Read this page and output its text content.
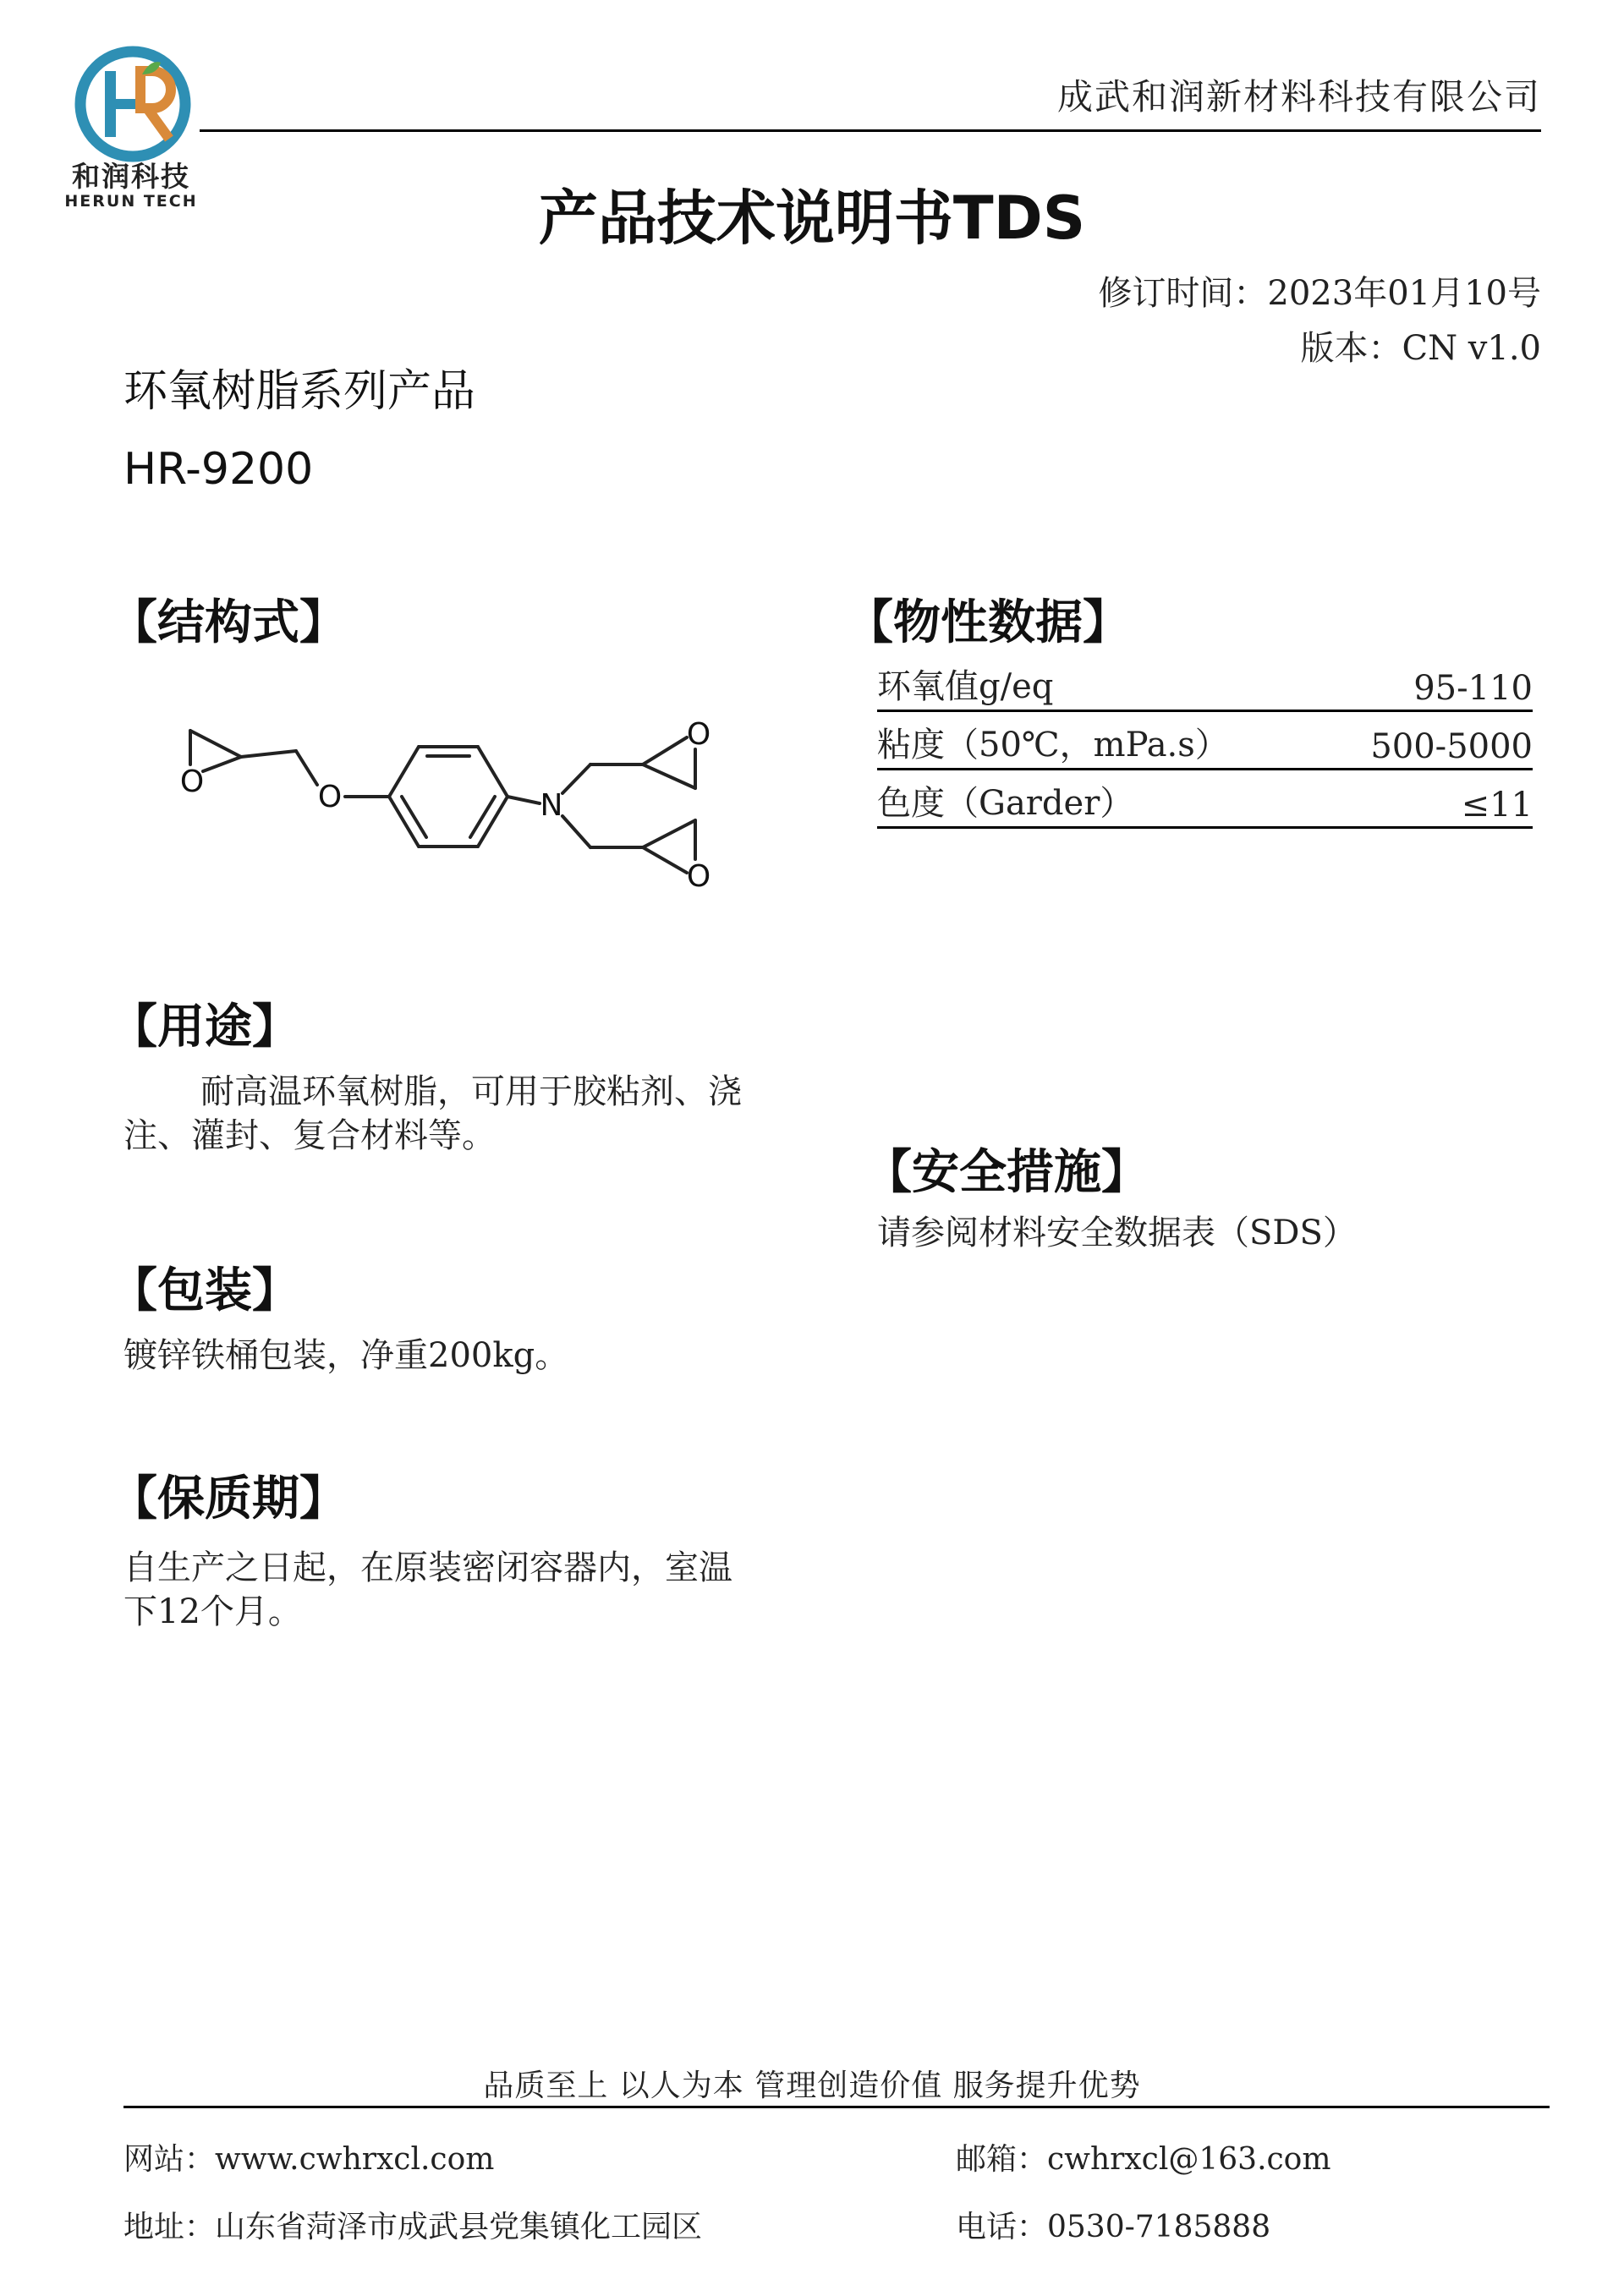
和润科技
HERUN TECH
成武和润新材料科技有限公司
产品技术说明书TDS
修订时间：2023年01月10号
版本：CN v1.0
环氧树脂系列产品
HR-9200
【结构式】
O	O	N
O
O
【物性数据】
环氧值g/eq	95-110
粘度（50℃，mPa.s）	500-5000
色度（Garder）	≤11
【用途】
耐高温环氧树脂，可用于胶粘剂、浇
注、灌封、复合材料等。
【安全措施】
请参阅材料安全数据表（SDS）
【包装】
镀锌铁桶包装，净重200kg。
【保质期】
自生产之日起，在原装密闭容器内，室温
下12个月。
品质至上 以人为本 管理创造价值 服务提升优势
网站：www.cwhrxcl.com	邮箱：cwhrxcl@163.com
地址：山东省菏泽市成武县党集镇化工园区	电话：0530-7185888
